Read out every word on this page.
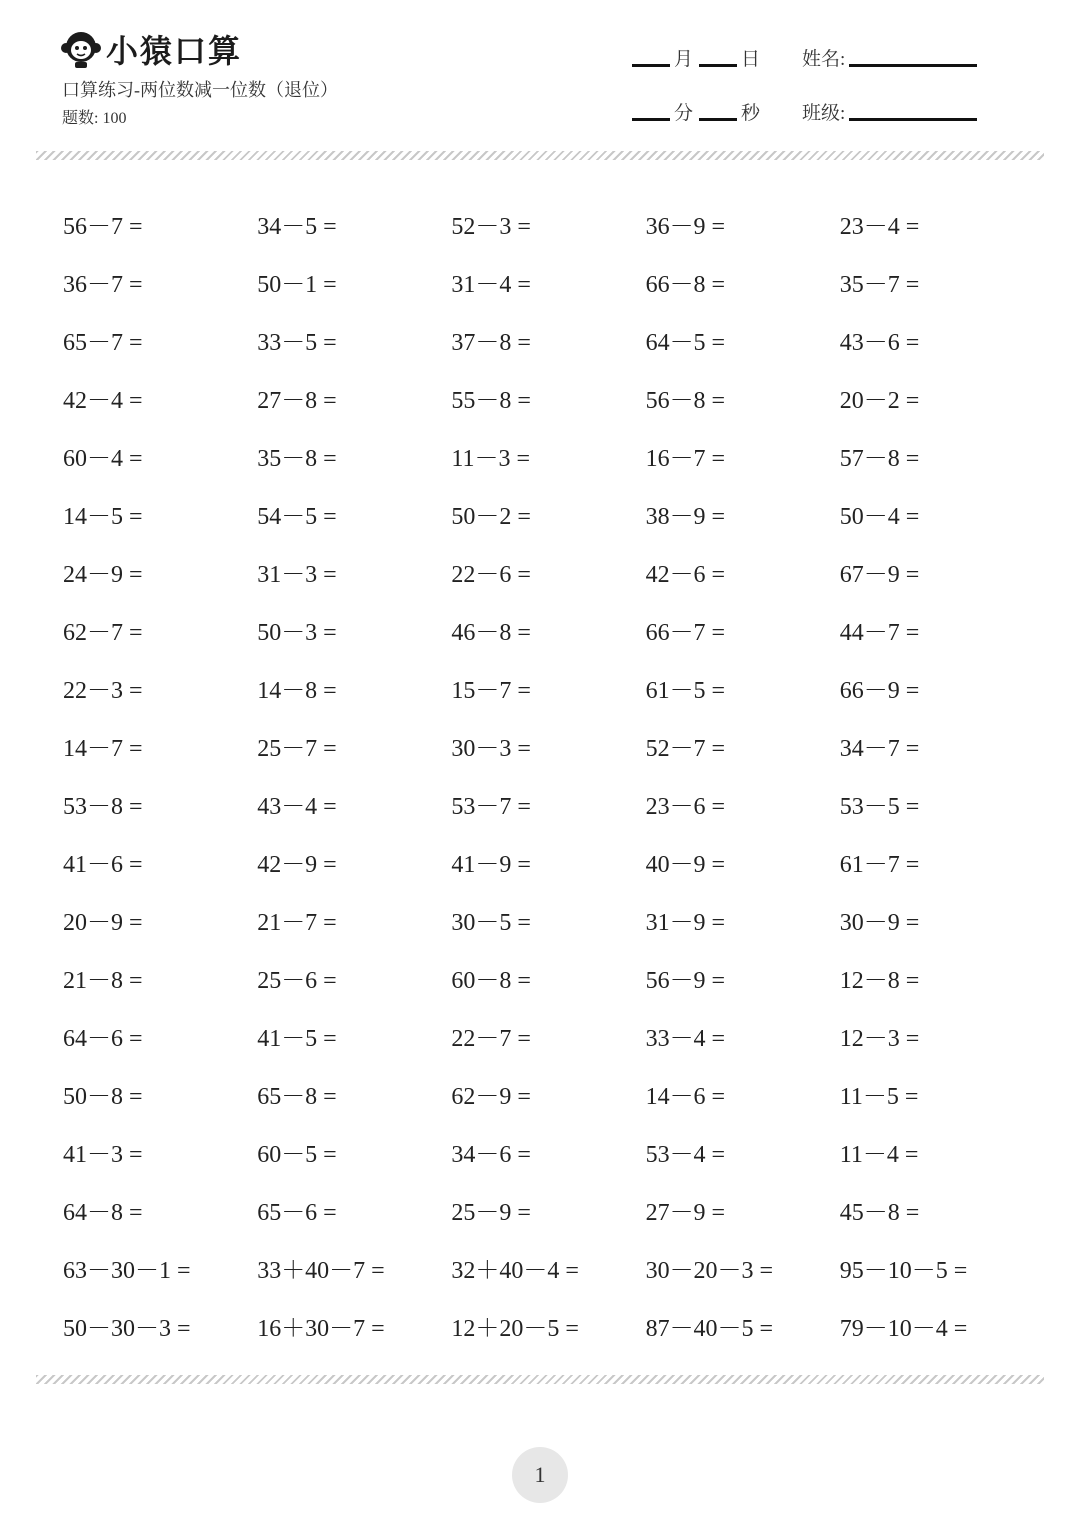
小猿口算
口算练习-两位数减一位数（退位）
题数: 100
月	日 姓名:
分	秒 班级:
56－7 =	34－5 =	52－3 =	36－9 =	23－4 =
36－7 =	50－1 =	31－4 =	66－8 =	35－7 =
65－7 =	33－5 =	37－8 =	64－5 =	43－6 =
42－4 =	27－8 =	55－8 =	56－8 =	20－2 =
60－4 =	35－8 =	11－3 =	16－7 =	57－8 =
14－5 =	54－5 =	50－2 =	38－9 =	50－4 =
24－9 =	31－3 =	22－6 =	42－6 =	67－9 =
62－7 =	50－3 =	46－8 =	66－7 =	44－7 =
22－3 =	14－8 =	15－7 =	61－5 =	66－9 =
14－7 =	25－7 =	30－3 =	52－7 =	34－7 =
53－8 =	43－4 =	53－7 =	23－6 =	53－5 =
41－6 =	42－9 =	41－9 =	40－9 =	61－7 =
20－9 =	21－7 =	30－5 =	31－9 =	30－9 =
21－8 =	25－6 =	60－8 =	56－9 =	12－8 =
64－6 =	41－5 =	22－7 =	33－4 =	12－3 =
50－8 =	65－8 =	62－9 =	14－6 =	11－5 =
41－3 =	60－5 =	34－6 =	53－4 =	11－4 =
64－8 =	65－6 =	25－9 =	27－9 =	45－8 =
63－30－1 =	33＋40－7 =	32＋40－4 =	30－20－3 =	95－10－5 =
50－30－3 =	16＋30－7 =	12＋20－5 =	87－40－5 =	79－10－4 =
1
